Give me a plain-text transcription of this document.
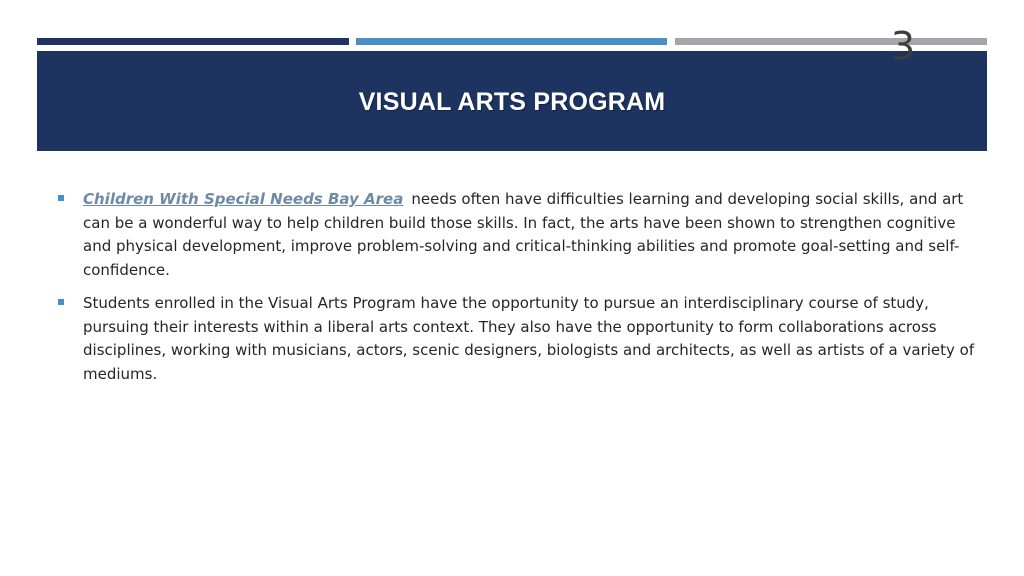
3
VISUAL ARTS PROGRAM
Children With Special Needs Bay Area needs often have difficulties learning and developing social skills, and art can be a wonderful way to help children build those skills. In fact, the arts have been shown to strengthen cognitive and physical development, improve problem-solving and critical-thinking abilities and promote goal-setting and self-confidence.
Students enrolled in the Visual Arts Program have the opportunity to pursue an interdisciplinary course of study, pursuing their interests within a liberal arts context. They also have the opportunity to form collaborations across disciplines, working with musicians, actors, scenic designers, biologists and architects, as well as artists of a variety of mediums.
